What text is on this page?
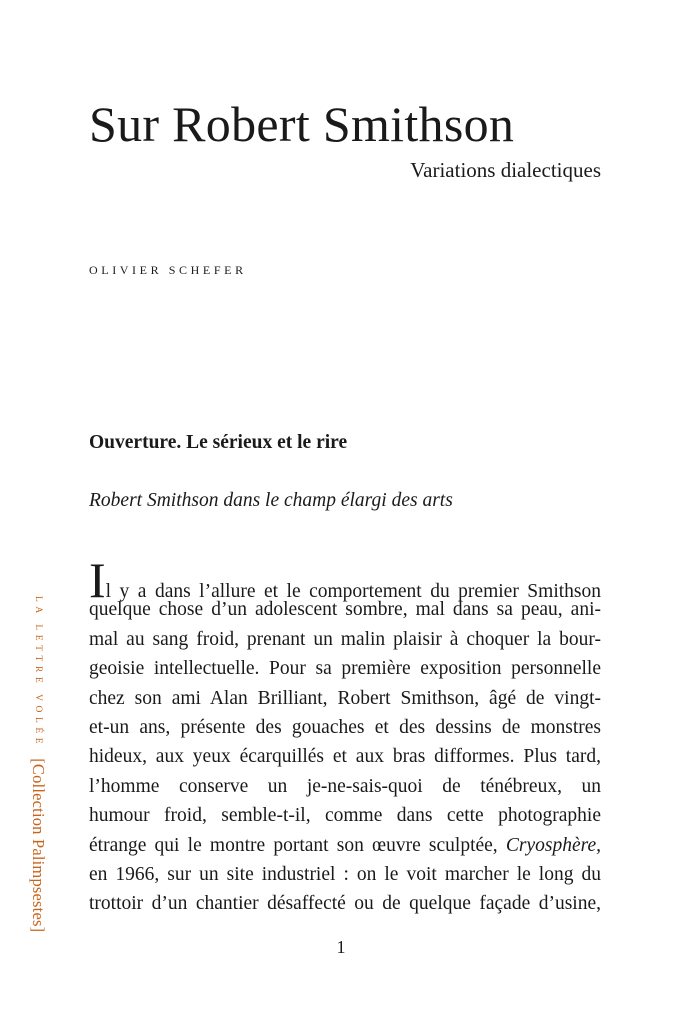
Sur Robert Smithson
Variations dialectiques
OLIVIER SCHEFER
Ouverture. Le sérieux et le rire
Robert Smithson dans le champ élargi des arts
Il y a dans l’allure et le comportement du premier Smithson
quelque chose d’un adolescent sombre, mal dans sa peau, ani-
mal au sang froid, prenant un malin plaisir à choquer la bour-
geoisie intellectuelle. Pour sa première exposition personnelle
chez son ami Alan Brilliant, Robert Smithson, âgé de vingt-
et-un ans, présente des gouaches et des dessins de monstres
hideux, aux yeux écarquillés et aux bras difformes. Plus tard,
l’homme conserve un je-ne-sais-quoi de ténébreux, un
humour froid, semble-t-il, comme dans cette photographie
étrange qui le montre portant son œuvre sculptée, Cryosphère,
en 1966, sur un site industriel : on le voit marcher le long du
trottoir d’un chantier désaffecté ou de quelque façade d’usine,
1
LA LETTRE VOLÉE
[Collection Palimpsestes]
